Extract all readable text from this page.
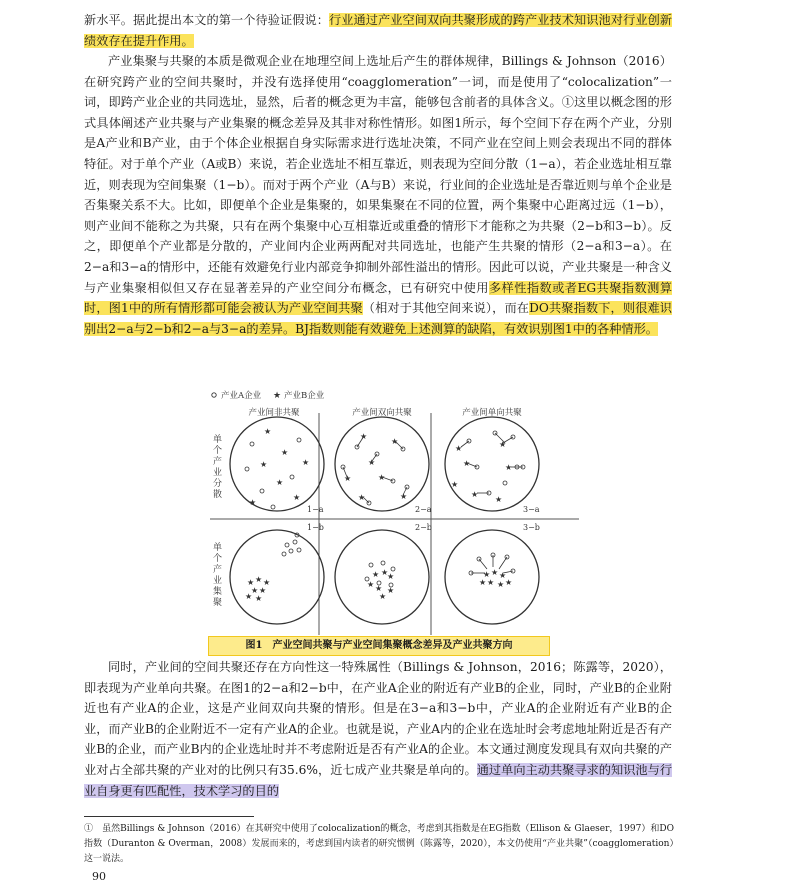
新水平。据此提出本文的第一个待验证假说：行业通过产业空间双向共聚形成的跨产业技术知识池对行业创新绩效存在提升作用。

产业集聚与共聚的本质是微观企业在地理空间上选址后产生的群体规律，Billings & Johnson（2016）在研究跨产业的空间共聚时，并没有选择使用“coagglomeration”一词，而是使用了“colocalization”一词，即跨产业企业的共同选址，显然，后者的概念更为丰富，能够包含前者的具体含义。①这里以概念图的形式具体阐述产业共聚与产业集聚的概念差异及其非对称性情形。如图1所示，每个空间下存在两个产业，分别是A产业和B产业，由于个体企业根据自身实际需求进行选址决策，不同产业在空间上则会表现出不同的群体特征。对于单个产业（A或B）来说，若企业选址不相互靠近，则表现为空间分散（1−a），若企业选址相互靠近，则表现为空间集聚（1−b）。而对于两个产业（A与B）来说，行业间的企业选址是否靠近则与单个企业是否集聚关系不大。比如，即便单个企业是集聚的，如果集聚在不同的位置，两个集聚中心距离过远（1−b），则产业间不能称之为共聚，只有在两个集聚中心互相靠近或重叠的情形下才能称之为共聚（2−b和3−b）。反之，即便单个产业都是分散的，产业间内企业两两配对共同选址，也能产生共聚的情形（2−a和3−a）。在2−a和3−a的情形中，还能有效避免行业内部竞争抑制外部性溢出的情形。因此可以说，产业共聚是一种含义与产业集聚相似但又存在显著差异的产业空间分布概念，已有研究中使用多样性指数或者EG共聚指数测算时，图1中的所有情形都可能会被认为产业空间共聚（相对于其他空间来说），而在DO共聚指数下，则很难识别出2−a与2−b和2−a与3−a的差异。BJ指数则能有效避免上述测算的缺陷，有效识别图1中的各种情形。

★
★
★
★	★
★
★
★
★
★
★	★
★	★
★
★	★
★
★
★
★
★
★ ★ ★
★ ★
★ ★
★ ★
★
★ ★
★
★
★ ★ ★
★ ★
★ ★
产业A企业	产业B企业
产业间非共聚	产业间双向共聚	产业间单向共聚
单个产业分散
单个产业集聚
1−a	2−a	3−a
1−b	2−b	3−b
图1　产业空间共聚与产业空间集聚概念差异及产业共聚方向

同时，产业间的空间共聚还存在方向性这一特殊属性（Billings & Johnson，2016；陈露等，2020），即表现为产业单向共聚。在图1的2−a和2−b中，在产业A企业的附近有产业B的企业，同时，产业B的企业附近也有产业A的企业，这是产业间双向共聚的情形。但是在3−a和3−b中，产业A的企业附近有产业B的企业，而产业B的企业附近不一定有产业A的企业。也就是说，产业A内的企业在选址时会考虑地址附近是否有产业B的企业，而产业B内的企业选址时并不考虑附近是否有产业A的企业。本文通过测度发现具有双向共聚的产业对占全部共聚的产业对的比例只有35.6%，近七成产业共聚是单向的。通过单向主动共聚寻求的知识池与行业自身更有匹配性，技术学习的目的

①　 虽然Billings & Johnson（2016）在其研究中使用了colocalization的概念，考虑到其指数是在EG指数（Ellison & Glaeser，1997）和DO指数（Duranton & Overman，2008）发展而来的，考虑到国内读者的研究惯例（陈露等，2020），本文仍使用“产业共聚”（coagglomeration）这一说法。

90
